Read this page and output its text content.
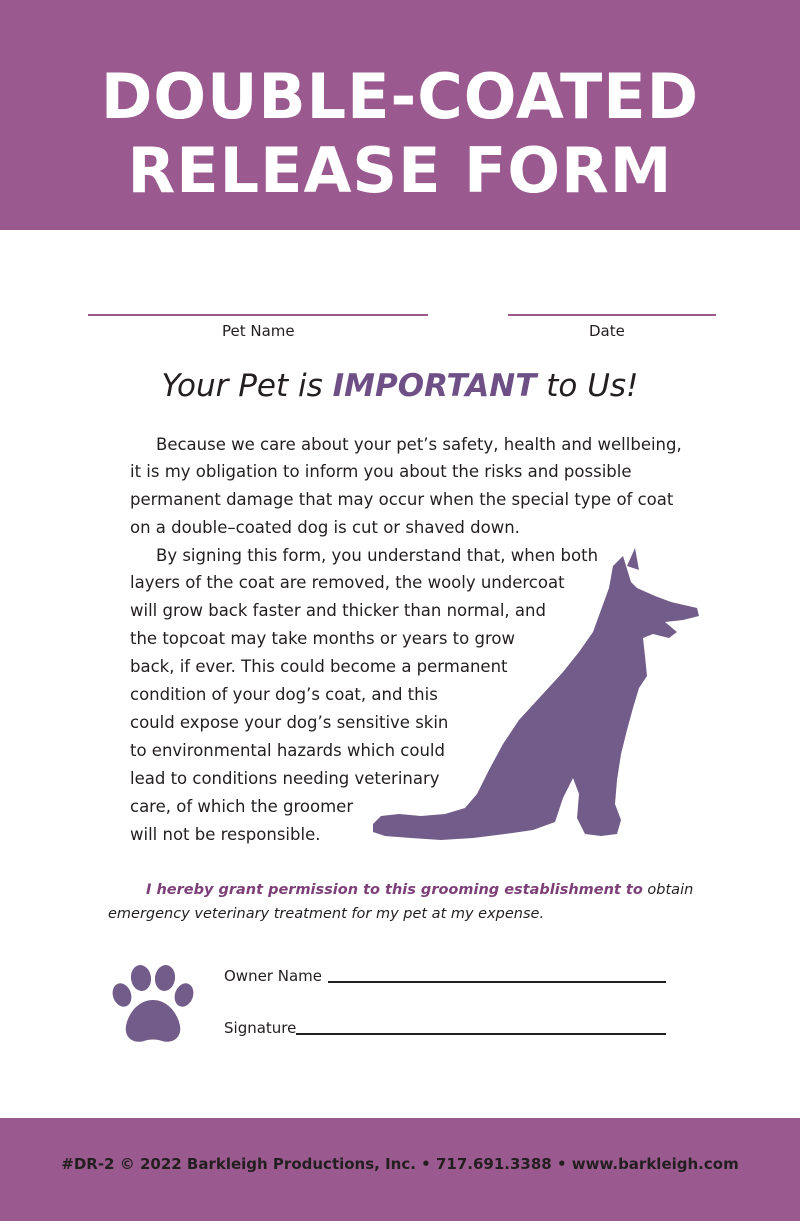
DOUBLE-COATED
RELEASE FORM
Pet Name	Date
Your Pet is IMPORTANT to Us!
Because we care about your pet’s safety, health and wellbeing,
it is my obligation to inform you about the risks and possible
permanent damage that may occur when the special type of coat
on a double–coated dog is cut or shaved down.
By signing this form, you understand that, when both
layers of the coat are removed, the wooly undercoat
will grow back faster and thicker than normal, and
the topcoat may take months or years to grow
back, if ever. This could become a permanent
condition of your dog’s coat, and this
could expose your dog’s sensitive skin
to environmental hazards which could
lead to conditions needing veterinary
care, of which the groomer
will not be responsible.
I hereby grant permission to this grooming establishment to obtain
emergency veterinary treatment for my pet at my expense.
Owner Name
Signature
#DR-2 © 2022 Barkleigh Productions, Inc. • 717.691.3388 • www.barkleigh.com
